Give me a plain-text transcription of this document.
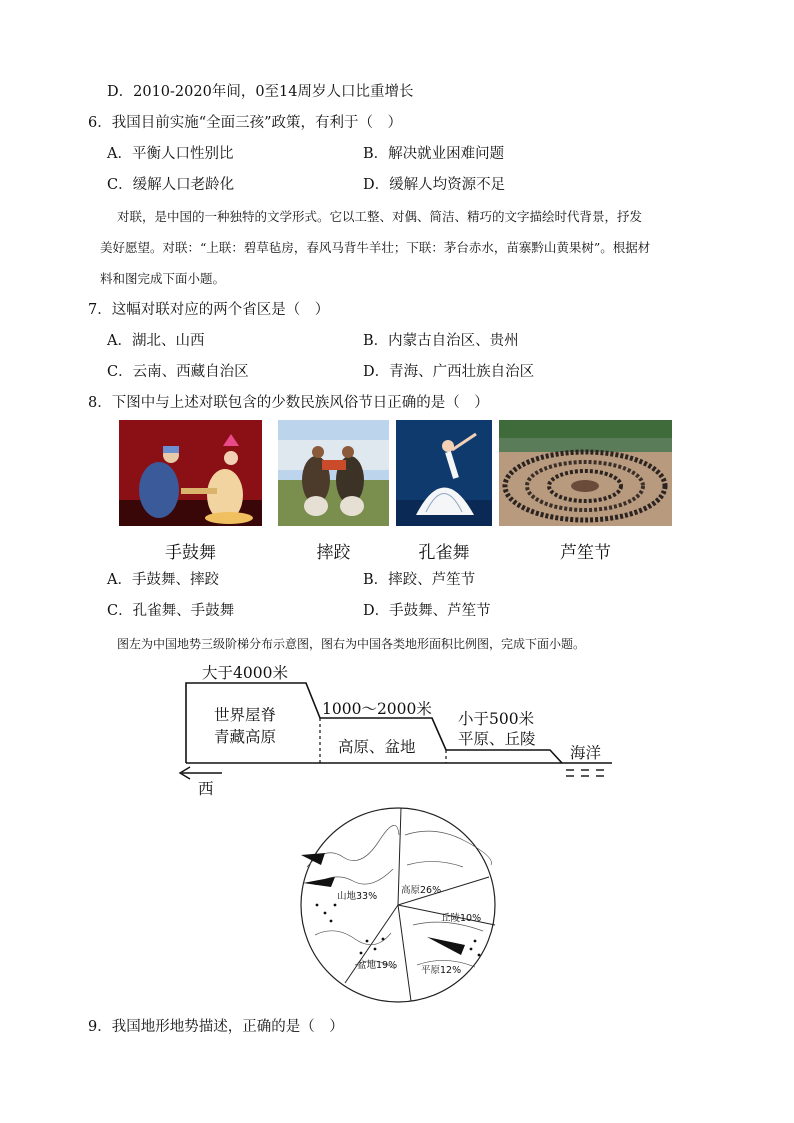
D．2010-2020年间，0至14周岁人口比重增长
6．我国目前实施“全面三孩”政策，有利于（　）
A．平衡人口性别比	B．解决就业困难问题
C．缓解人口老龄化	D．缓解人均资源不足
对联，是中国的一种独特的文学形式。它以工整、对偶、简洁、精巧的文字描绘时代背景，抒发
美好愿望。对联：“上联：碧草毡房，春风马背牛羊壮；下联：茅台赤水，苗寨黔山黄果树”。根据材
料和图完成下面小题。
7．这幅对联对应的两个省区是（　）
A．湖北、山西	B．内蒙古自治区、贵州
C．云南、西藏自治区	D．青海、广西壮族自治区
8．下图中与上述对联包含的少数民族风俗节日正确的是（　）
手鼓舞	摔跤	孔雀舞	芦笙节
A．手鼓舞、摔跤	B．摔跤、芦笙节
C．孔雀舞、手鼓舞	D．手鼓舞、芦笙节
图左为中国地势三级阶梯分布示意图，图右为中国各类地形面积比例图，完成下面小题。
大于4000米
世界屋脊
青藏高原
1000～2000米
高原、盆地
小于500米
平原、丘陵
海洋
西
山地33%
高原26%
丘陵10%
盆地19%	平原12%
9．我国地形地势描述，正确的是（　）
